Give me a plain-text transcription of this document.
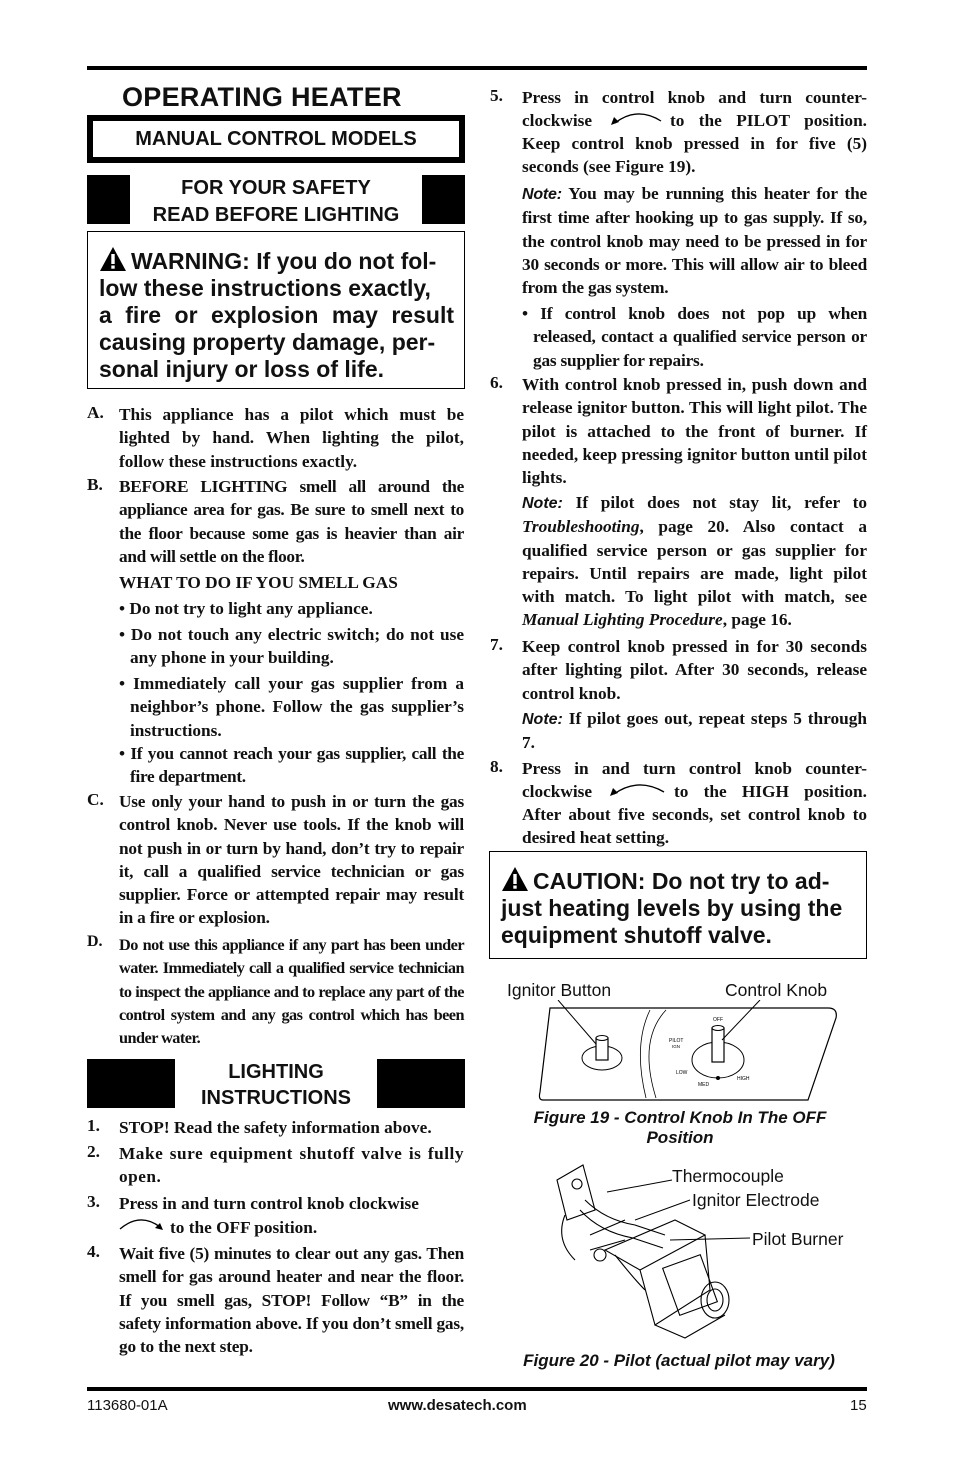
OPERATING HEATER
MANUAL CONTROL MODELS
FOR YOUR SAFETY
READ BEFORE LIGHTING
WARNING: If you do not fol-
low these instructions exactly,
a fire or explosion may result
causing property damage, per-
sonal injury or loss of life.
A. This appliance has a pilot which must be lighted by hand. When lighting the pilot, follow these instructions exactly.
B. BEFORE LIGHTING smell all around the appliance area for gas. Be sure to smell next to the floor because some gas is heavier than air and will settle on the floor.
WHAT TO DO IF YOU SMELL GAS
• Do not try to light any appliance.
• Do not touch any electric switch; do not use any phone in your building.
• Immediately call your gas supplier from a neighbor’s phone. Follow the gas supplier’s instructions.
• If you cannot reach your gas supplier, call the fire department.
C. Use only your hand to push in or turn the gas control knob. Never use tools. If the knob will not push in or turn by hand, don’t try to repair it, call a qualified service technician or gas supplier. Force or attempted repair may result in a fire or explosion.
D. Do not use this appliance if any part has been under water. Immediately call a qualified service technician to inspect the appliance and to replace any part of the control system and any gas control which has been under water.
LIGHTING
INSTRUCTIONS
1. STOP! Read the safety information above.
2. Make sure equipment shutoff valve is fully open.
3. Press in and turn control knob clockwise
to the OFF position.
4. Wait five (5) minutes to clear out any gas. Then smell for gas around heater and near the floor. If you smell gas, STOP! Follow “B” in the safety information above. If you don’t smell gas, go to the next step.
5. Press in control knob and turn counter-
clockwise	to the PILOT position.
Keep control knob pressed in for five (5) seconds (see Figure 19).
Note: You may be running this heater for the first time after hooking up to gas supply. If so, the control knob may need to be pressed in for 30 seconds or more. This will allow air to bleed from the gas system.
• If control knob does not pop up when released, contact a qualified service person or gas supplier for repairs.
6. With control knob pressed in, push down and release ignitor button. This will light pilot. The pilot is attached to the front of burner. If needed, keep pressing ignitor button until pilot lights.
Note: If pilot does not stay lit, refer to Troubleshooting, page 20. Also contact a qualified service person or gas supplier for repairs. Until repairs are made, light pilot with match. To light pilot with match, see Manual Lighting Procedure, page 16.
7. Keep control knob pressed in for 30 seconds after lighting pilot. After 30 seconds, release control knob.
Note: If pilot goes out, repeat steps 5 through 7.
8. Press in and turn control knob counter-
clockwise	to the HIGH position.
After about five seconds, set control knob to desired heat setting.
CAUTION: Do not try to ad-
just heating levels by using the
equipment shutoff valve.
Ignitor Button	Control Knob
OFF
PILOT
IGN
LOW
MED
HIGH
Figure 19 - Control Knob In The OFF Position
Thermocouple
Ignitor Electrode
Pilot Burner
Figure 20 - Pilot (actual pilot may vary)
113680-01A	www.desatech.com	15
